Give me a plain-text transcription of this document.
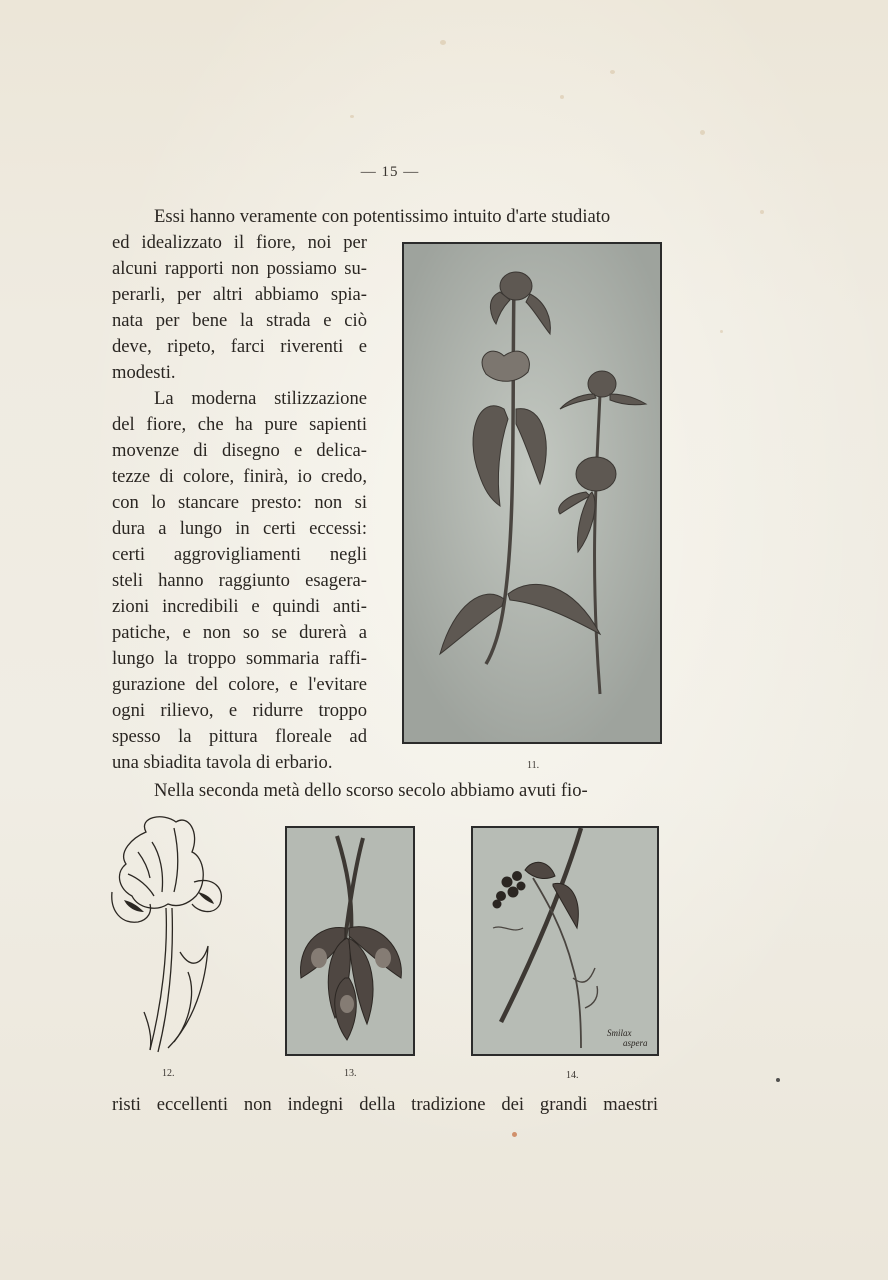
— 15 —
Essi hanno veramente con potentissimo intuito d'arte studiato
ed idealizzato il fiore, noi per
alcuni rapporti non possiamo su-
perarli, per altri abbiamo spia-
nata per bene la strada e ciò
deve, ripeto, farci riverenti e
modesti.
La moderna stilizzazione
del fiore, che ha pure sapienti
movenze di disegno e delica-
tezze di colore, finirà, io credo,
con lo stancare presto: non si
dura a lungo in certi eccessi:
certi aggrovigliamenti negli
steli hanno raggiunto esagera-
zioni incredibili e quindi anti-
patiche, e non so se durerà a
lungo la troppo sommaria raffi-
gurazione del colore, e l'evitare
ogni rilievo, e ridurre troppo
spesso la pittura floreale ad
una sbiadita tavola di erbario.	11.
Nella seconda metà dello scorso secolo abbiamo avuti fio-
12.	13.
Smilax
aspera
14.
risti eccellenti non indegni della tradizione dei grandi maestri
